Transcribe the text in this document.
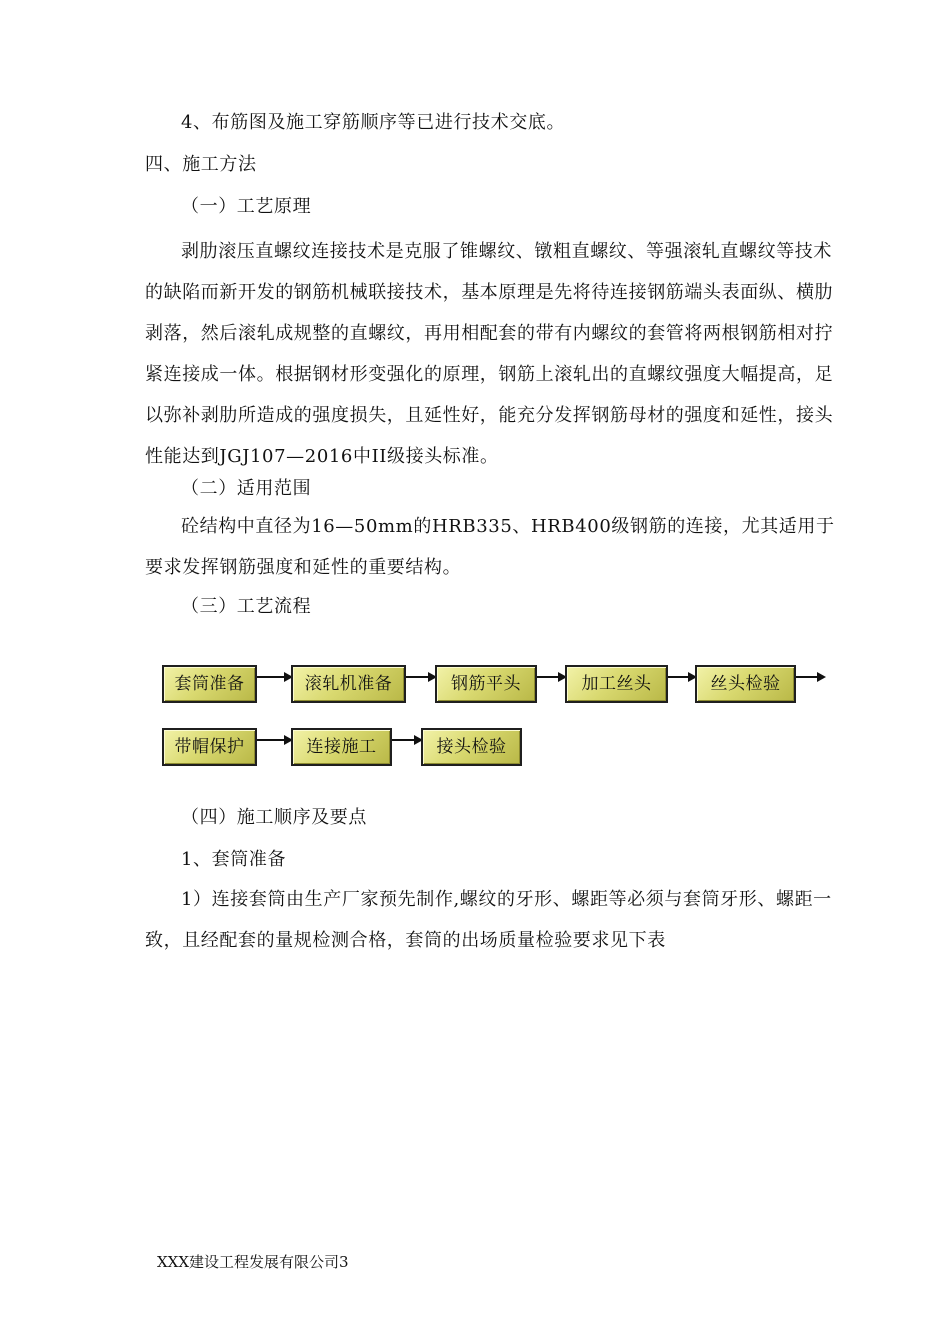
4、布筋图及施工穿筋顺序等已进行技术交底。
四、施工方法
（一）工艺原理

剥肋滚压直螺纹连接技术是克服了锥螺纹、镦粗直螺纹、等强滚轧直螺纹等技术的缺陷而新开发的钢筋机械联接技术，基本原理是先将待连接钢筋端头表面纵、横肋剥落，然后滚轧成规整的直螺纹，再用相配套的带有内螺纹的套管将两根钢筋相对拧紧连接成一体。根据钢材形变强化的原理，钢筋上滚轧出的直螺纹强度大幅提高，足以弥补剥肋所造成的强度损失，且延性好，能充分发挥钢筋母材的强度和延性，接头性能达到JGJ107—2016中II级接头标准。

（二）适用范围

砼结构中直径为16—50mm的HRB335、HRB400级钢筋的连接，尤其适用于要求发挥钢筋强度和延性的重要结构。

（三）工艺流程
套筒准备	滚轧机准备	钢筋平头	加工丝头	丝头检验
带帽保护	连接施工	接头检验
（四）施工顺序及要点
1、套筒准备

1）连接套筒由生产厂家预先制作,螺纹的牙形、螺距等必须与套筒牙形、螺距一致，且经配套的量规检测合格，套筒的出场质量检验要求见下表

XXX建设工程发展有限公司3
